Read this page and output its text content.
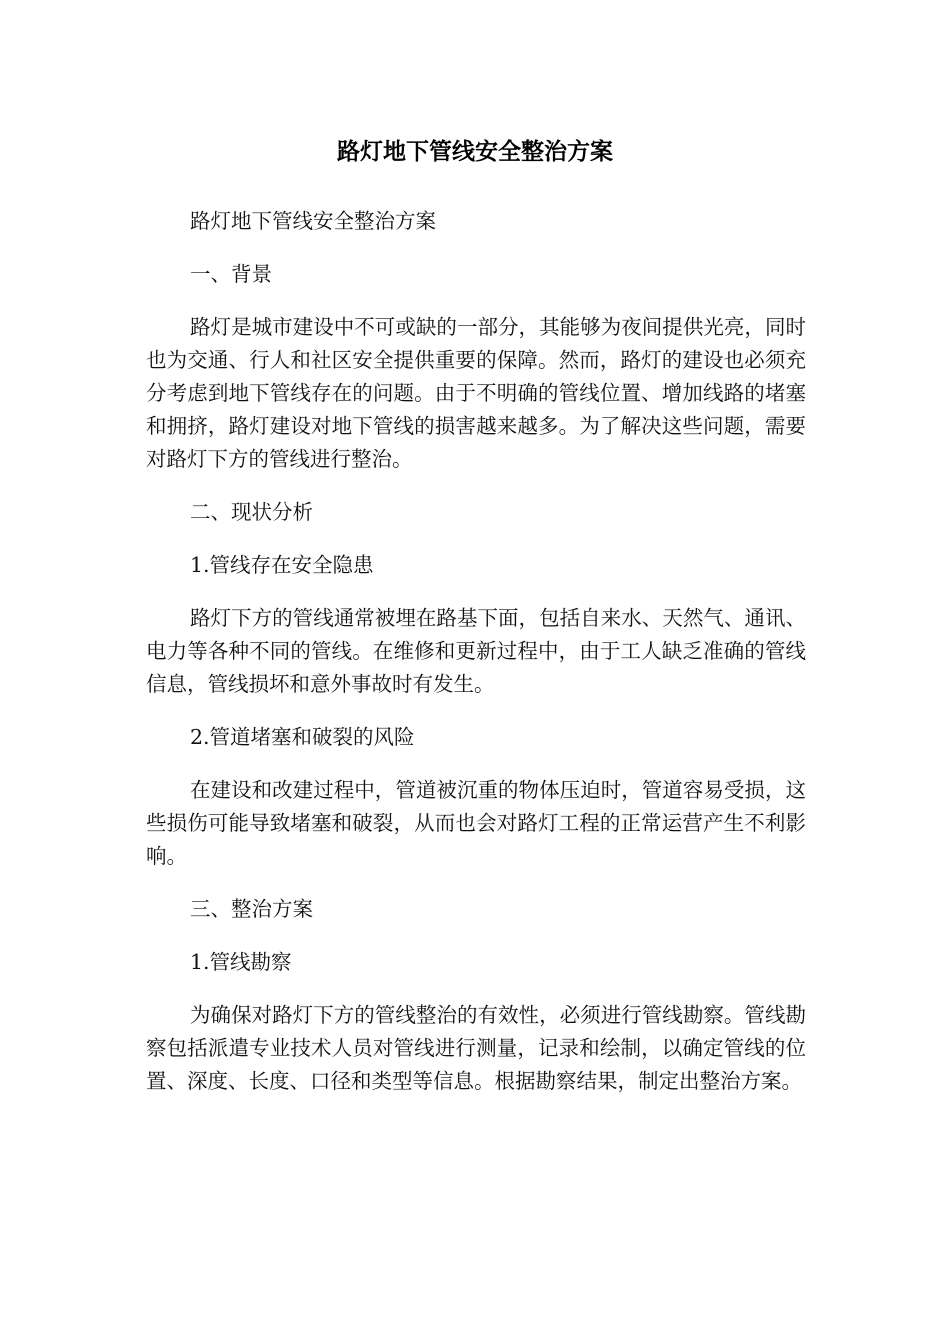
路灯地下管线安全整治方案

路灯地下管线安全整治方案

一、背景

路灯是城市建设中不可或缺的一部分，其能够为夜间提供光亮，同时也为交通、行人和社区安全提供重要的保障。然而，路灯的建设也必须充分考虑到地下管线存在的问题。由于不明确的管线位置、增加线路的堵塞和拥挤，路灯建设对地下管线的损害越来越多。为了解决这些问题，需要对路灯下方的管线进行整治。

二、现状分析

1.管线存在安全隐患

路灯下方的管线通常被埋在路基下面，包括自来水、天然气、通讯、电力等各种不同的管线。在维修和更新过程中，由于工人缺乏准确的管线信息，管线损坏和意外事故时有发生。

2.管道堵塞和破裂的风险

在建设和改建过程中，管道被沉重的物体压迫时，管道容易受损，这些损伤可能导致堵塞和破裂，从而也会对路灯工程的正常运营产生不利影响。

三、整治方案

1.管线勘察

为确保对路灯下方的管线整治的有效性，必须进行管线勘察。管线勘察包括派遣专业技术人员对管线进行测量，记录和绘制，以确定管线的位置、深度、长度、口径和类型等信息。根据勘察结果，制定出整治方案。
